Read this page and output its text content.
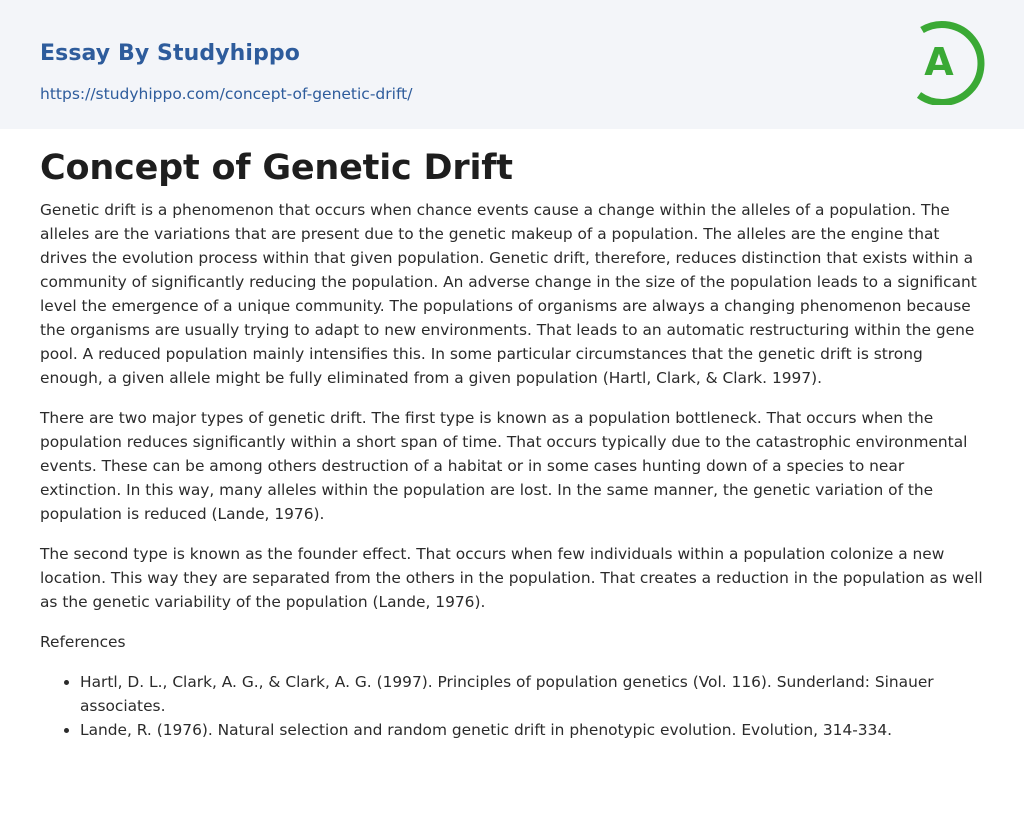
Essay By Studyhippo
https://studyhippo.com/concept-of-genetic-drift/
A
Concept of Genetic Drift

Genetic drift is a phenomenon that occurs when chance events cause a change within the alleles of a population. The alleles are the variations that are present due to the genetic makeup of a population. The alleles are the engine that drives the evolution process within that given population. Genetic drift, therefore, reduces distinction that exists within a community of significantly reducing the population. An adverse change in the size of the population leads to a significant level the emergence of a unique community. The populations of organisms are always a changing phenomenon because the organisms are usually trying to adapt to new environments. That leads to an automatic restructuring within the gene pool. A reduced population mainly intensifies this. In some particular circumstances that the genetic drift is strong enough, a given allele might be fully eliminated from a given population (Hartl, Clark, & Clark. 1997).

There are two major types of genetic drift. The first type is known as a population bottleneck. That occurs when the population reduces significantly within a short span of time. That occurs typically due to the catastrophic environmental events. These can be among others destruction of a habitat or in some cases hunting down of a species to near extinction. In this way, many alleles within the population are lost. In the same manner, the genetic variation of the population is reduced (Lande, 1976).

The second type is known as the founder effect. That occurs when few individuals within a population colonize a new location. This way they are separated from the others in the population. That creates a reduction in the population as well as the genetic variability of the population (Lande, 1976).

References

• Hartl, D. L., Clark, A. G., & Clark, A. G. (1997). Principles of population genetics (Vol. 116). Sunderland: Sinauer associates.
• Lande, R. (1976). Natural selection and random genetic drift in phenotypic evolution. Evolution, 314-334.
